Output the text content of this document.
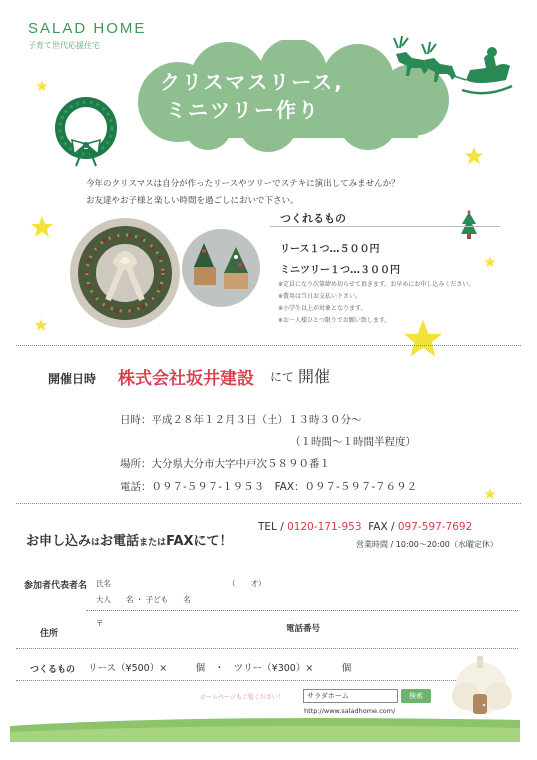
SALAD HOME
子育て世代応援住宅
クリスマスリース,
ミニツリー作り
今年のクリスマスは自分が作ったリースやツリーでステキに演出してみませんか？
お友達やお子様と楽しい時間を過ごしにおいで下さい。
つくれるもの
リース１つ…５００円
ミニツリー１つ…３００円
※定員になり次第締め切らせて頂きます。お早めにお申し込みください。
※費用は当日お支払い下さい。
※小学生以上が対象となります。
※お一人様ひとつ限りでお願い致します。
開催日時 株式会社坂井建設 にて 開催
日時：平成２８年１２月３日（土）１３時３０分～
（１時間～１時間半程度）
場所：大分県大分市大字中戸次５８９０番１
電話：０９７-５９７-１９５３　FAX：０９７-５９７-７６９２
お申し込みはお電話またはFAXにて！
TEL / 0120-171-953 FAX / 097-597-7692
営業時間 / 10:00～20:00（水曜定休）
参加者代表者名 氏名	（　　才）
大人　　名 ・ 子ども　　名
住所
〒
電話番号
つくるもの リース（¥500）×　　　個　・　ツリー（¥300）×　　　個
ホームページもご覧ください！	サラダホーム	検索
http://www.saladhome.com/
